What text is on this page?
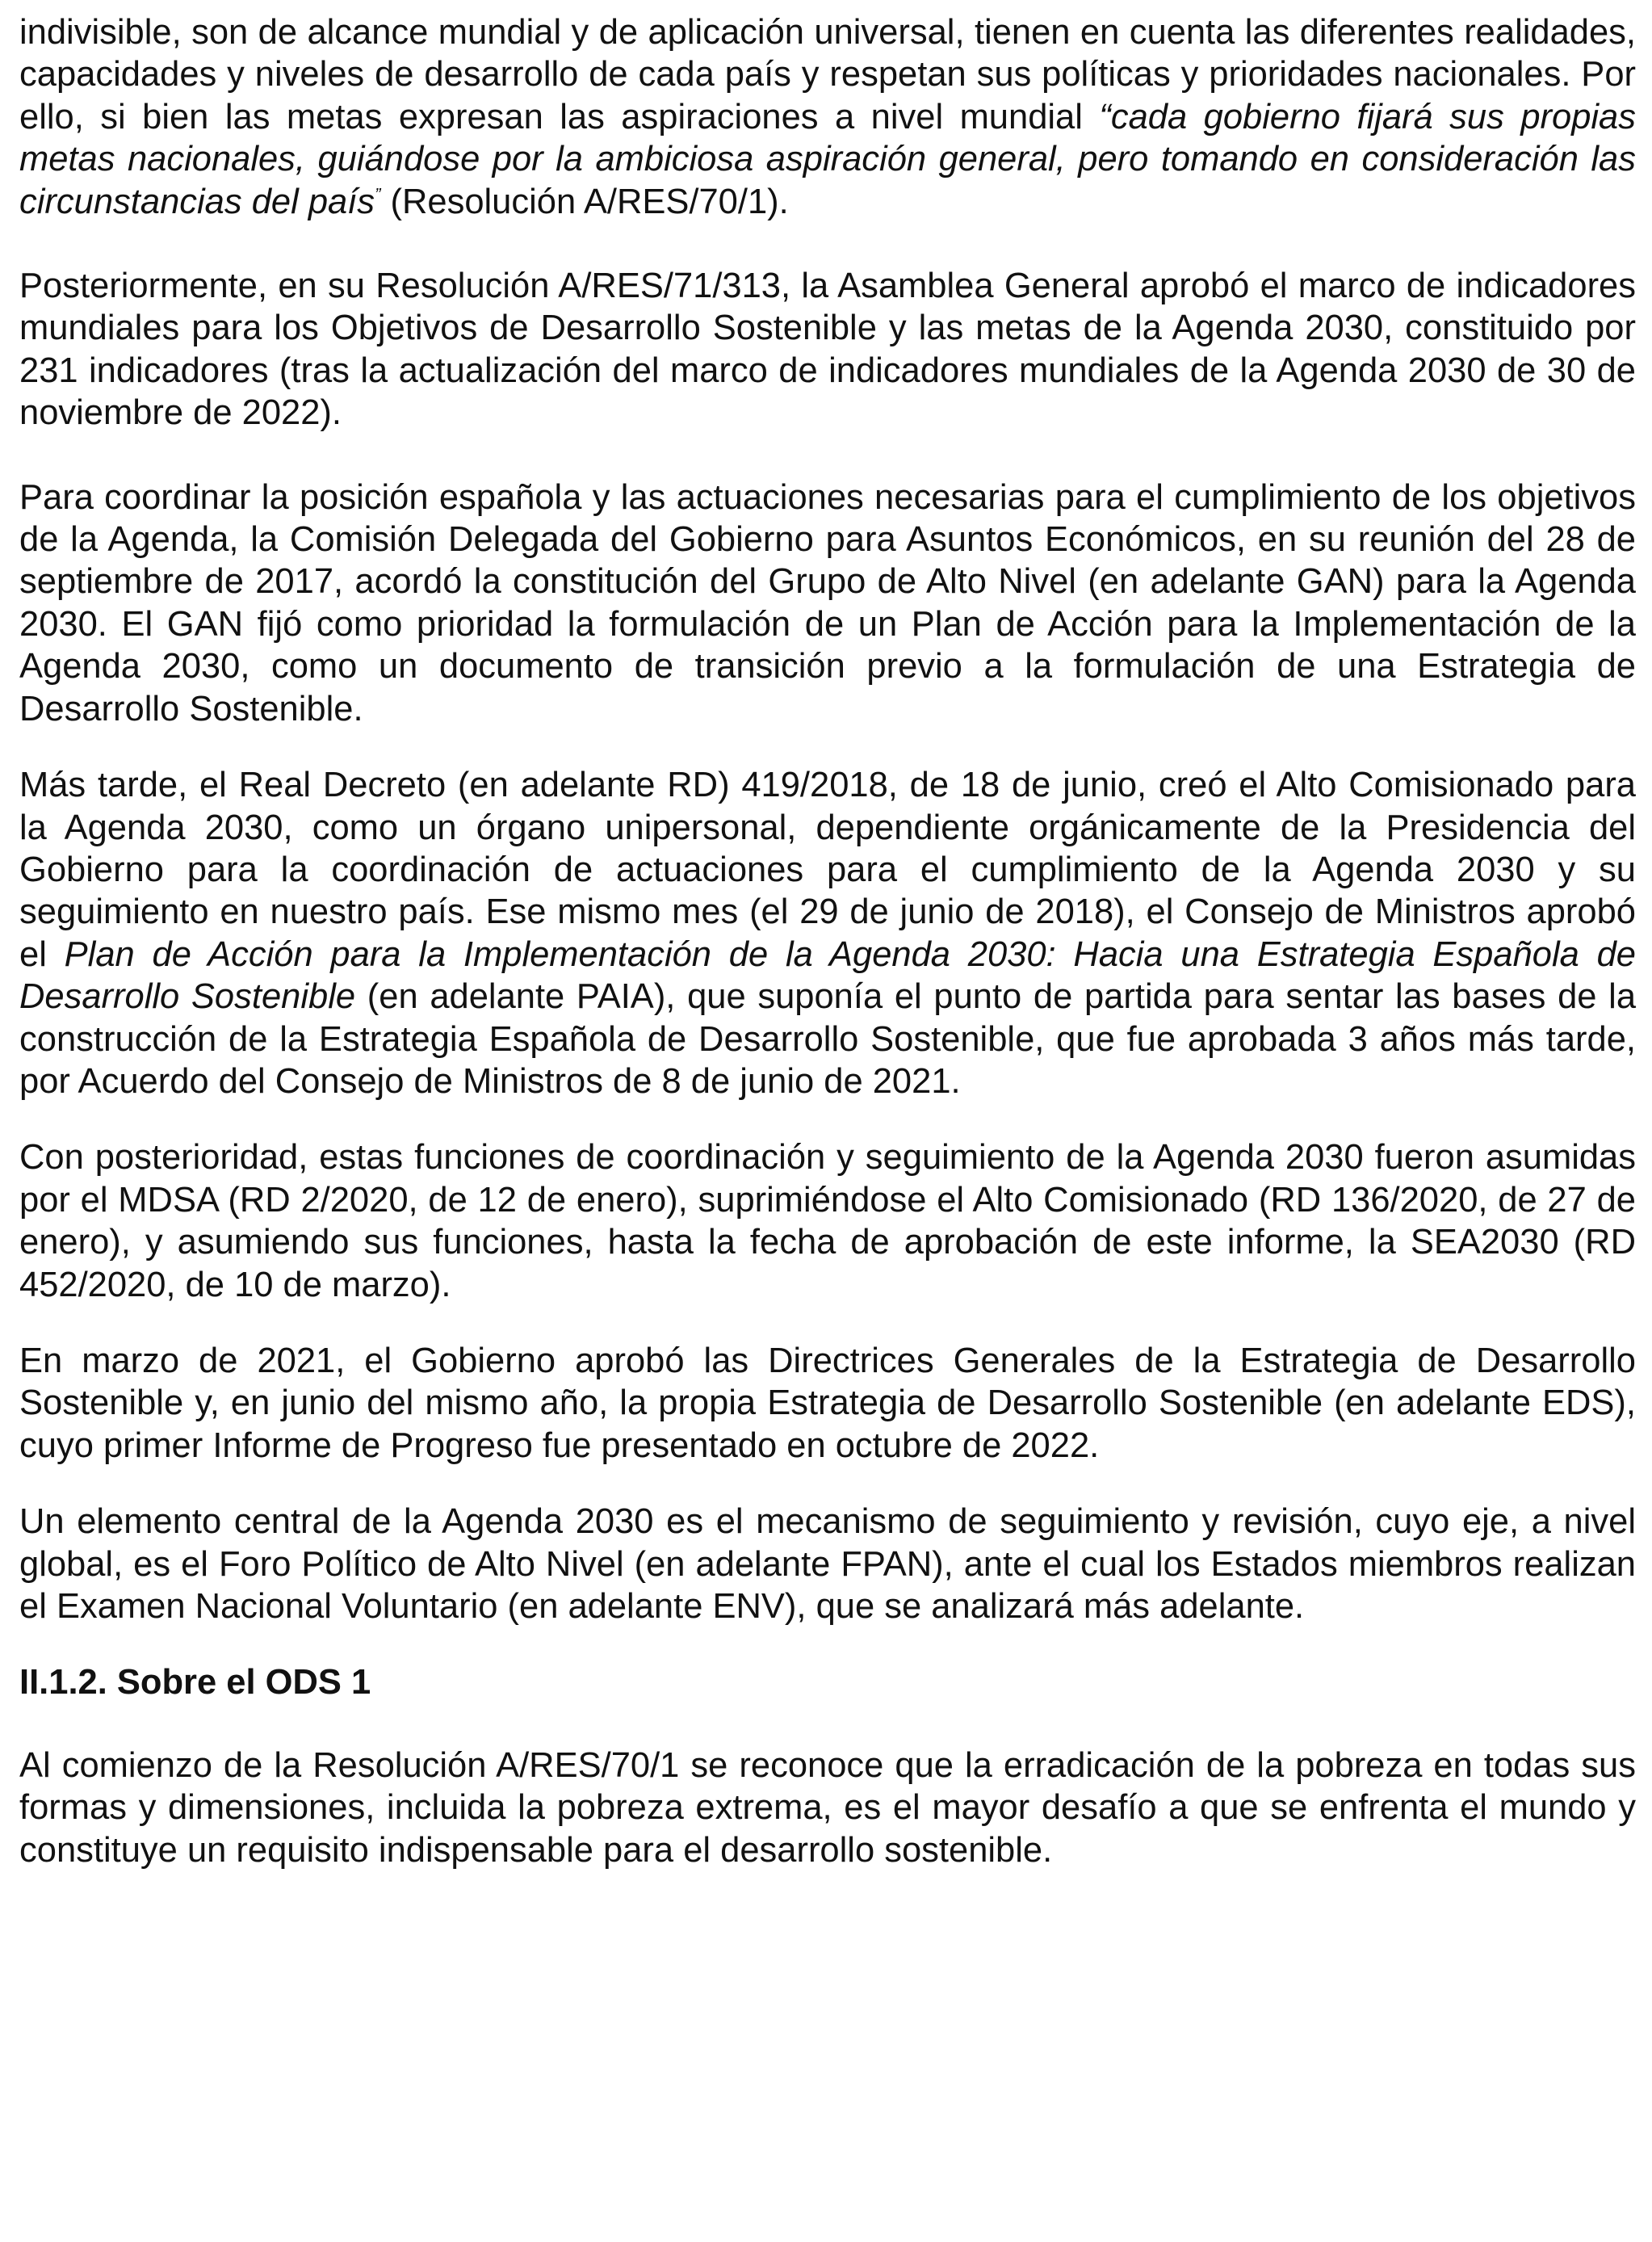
indivisible, son de alcance mundial y de aplicación universal, tienen en cuenta las diferentes realidades, capacidades y niveles de desarrollo de cada país y respetan sus políticas y prioridades nacionales. Por ello, si bien las metas expresan las aspiraciones a nivel mundial “cada gobierno fijará sus propias metas nacionales, guiándose por la ambiciosa aspiración general, pero tomando en consideración las circunstancias del país” (Resolución A/RES/70/1).

Posteriormente, en su Resolución A/RES/71/313, la Asamblea General aprobó el marco de indicadores mundiales para los Objetivos de Desarrollo Sostenible y las metas de la Agenda 2030, constituido por 231 indicadores (tras la actualización del marco de indicadores mundiales de la Agenda 2030 de 30 de noviembre de 2022).

Para coordinar la posición española y las actuaciones necesarias para el cumplimiento de los objetivos de la Agenda, la Comisión Delegada del Gobierno para Asuntos Económicos, en su reunión del 28 de septiembre de 2017, acordó la constitución del Grupo de Alto Nivel (en adelante GAN) para la Agenda 2030. El GAN fijó como prioridad la formulación de un Plan de Acción para la Implementación de la Agenda 2030, como un documento de transición previo a la formulación de una Estrategia de Desarrollo Sostenible.

Más tarde, el Real Decreto (en adelante RD) 419/2018, de 18 de junio, creó el Alto Comisionado para la Agenda 2030, como un órgano unipersonal, dependiente orgánicamente de la Presidencia del Gobierno para la coordinación de actuaciones para el cumplimiento de la Agenda 2030 y su seguimiento en nuestro país. Ese mismo mes (el 29 de junio de 2018), el Consejo de Ministros aprobó el Plan de Acción para la Implementación de la Agenda 2030: Hacia una Estrategia Española de Desarrollo Sostenible (en adelante PAIA), que suponía el punto de partida para sentar las bases de la construcción de la Estrategia Española de Desarrollo Sostenible, que fue aprobada 3 años más tarde, por Acuerdo del Consejo de Ministros de 8 de junio de 2021.

Con posterioridad, estas funciones de coordinación y seguimiento de la Agenda 2030 fueron asumidas por el MDSA (RD 2/2020, de 12 de enero), suprimiéndose el Alto Comisionado (RD 136/2020, de 27 de enero), y asumiendo sus funciones, hasta la fecha de aprobación de este informe, la SEA2030 (RD 452/2020, de 10 de marzo).

En marzo de 2021, el Gobierno aprobó las Directrices Generales de la Estrategia de Desarrollo Sostenible y, en junio del mismo año, la propia Estrategia de Desarrollo Sostenible (en adelante EDS), cuyo primer Informe de Progreso fue presentado en octubre de 2022.

Un elemento central de la Agenda 2030 es el mecanismo de seguimiento y revisión, cuyo eje, a nivel global, es el Foro Político de Alto Nivel (en adelante FPAN), ante el cual los Estados miembros realizan el Examen Nacional Voluntario (en adelante ENV), que se analizará más adelante.

II.1.2. Sobre el ODS 1

Al comienzo de la Resolución A/RES/70/1 se reconoce que la erradicación de la pobreza en todas sus formas y dimensiones, incluida la pobreza extrema, es el mayor desafío a que se enfrenta el mundo y constituye un requisito indispensable para el desarrollo sostenible.
